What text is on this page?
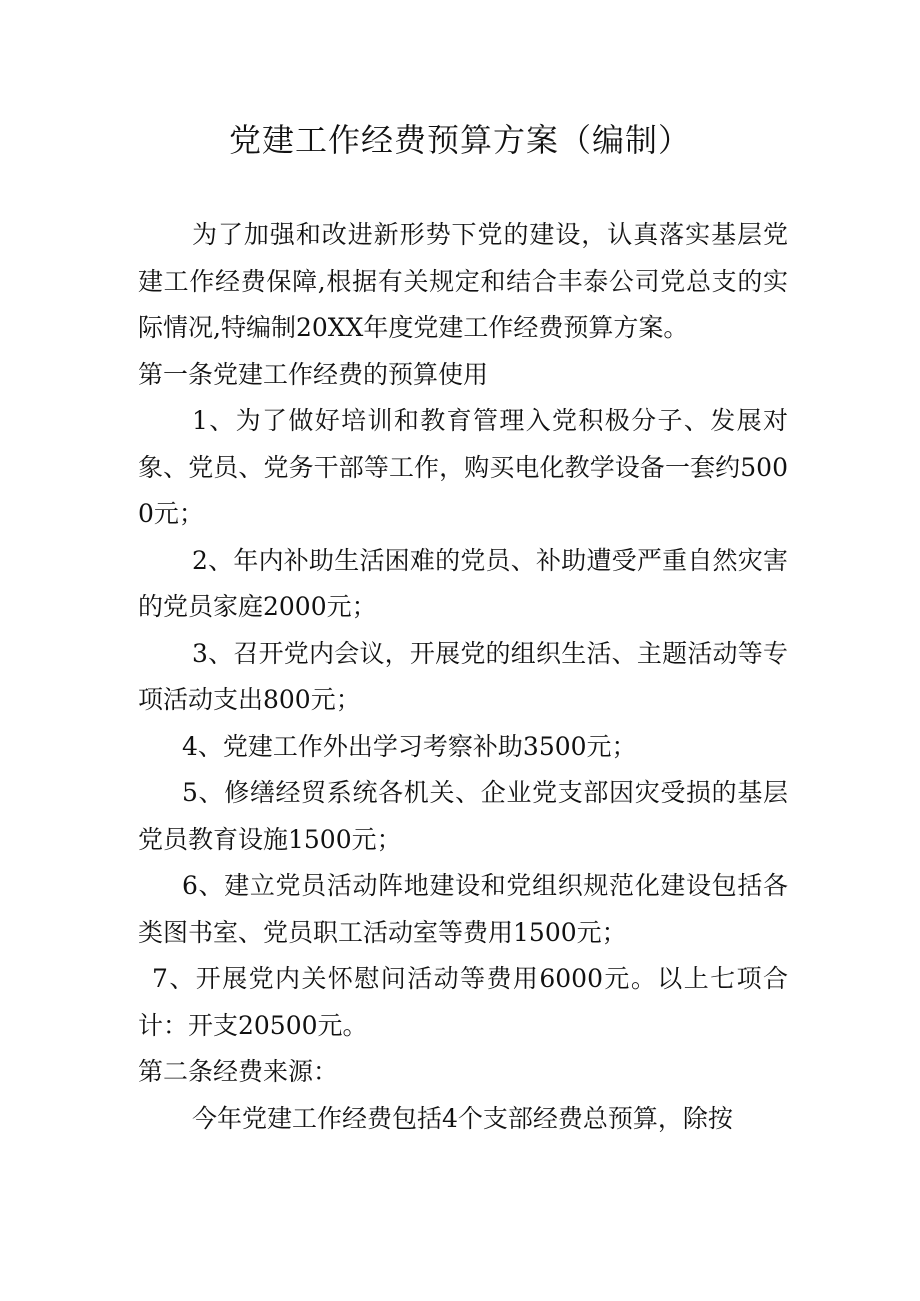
党建工作经费预算方案（编制）

为了加强和改进新形势下党的建设，认真落实基层党建工作经费保障,根据有关规定和结合丰泰公司党总支的实际情况,特编制20XX年度党建工作经费预算方案。

第一条党建工作经费的预算使用

1、为了做好培训和教育管理入党积极分子、发展对象、党员、党务干部等工作，购买电化教学设备一套约5000元；

2、年内补助生活困难的党员、补助遭受严重自然灾害的党员家庭2000元；

3、召开党内会议，开展党的组织生活、主题活动等专项活动支出800元；

4、党建工作外出学习考察补助3500元；

5、修缮经贸系统各机关、企业党支部因灾受损的基层党员教育设施1500元；

6、建立党员活动阵地建设和党组织规范化建设包括各类图书室、党员职工活动室等费用1500元；

7、开展党内关怀慰问活动等费用6000元。以上七项合计：开支20500元。

第二条经费来源：

今年党建工作经费包括4个支部经费总预算，除按
